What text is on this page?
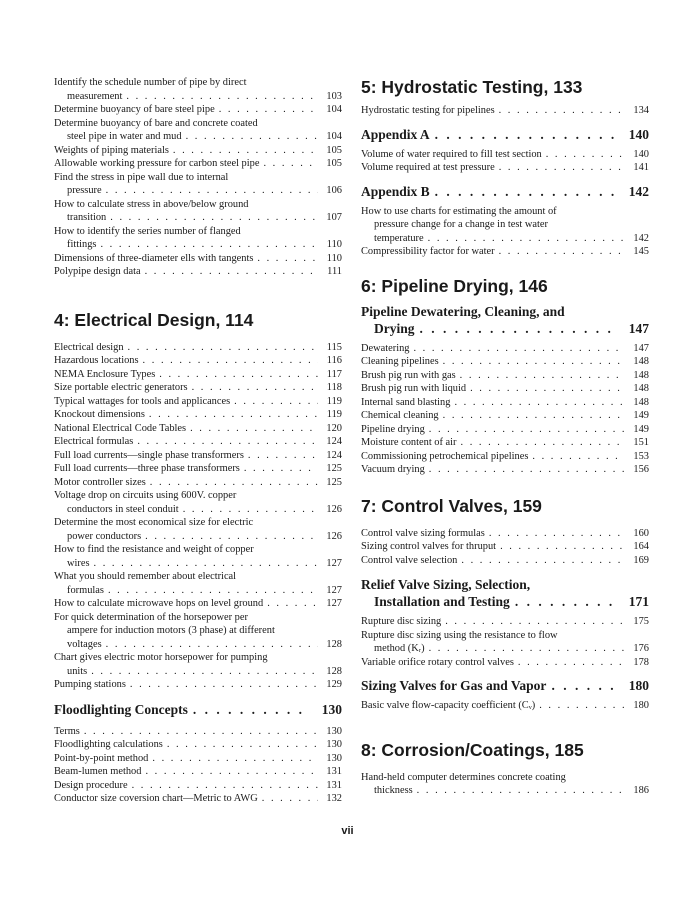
Identify the schedule number of pipe by direct
measurement . . .	103
Determine buoyancy of bare steel pipe . . .	104
Determine buoyancy of bare and concrete coated
steel pipe in water and mud . . .	104
Weights of piping materials . . .	105
Allowable working pressure for carbon steel pipe . . .	105
Find the stress in pipe wall due to internal
pressure . . .	106
How to calculate stress in above/below ground
transition . . .	107
How to identify the series number of flanged
fittings . . .	110
Dimensions of three-diameter ells with tangents . . .	110
Polypipe design data . . .	111
4: Electrical Design, 114
Electrical design . . .	115
Hazardous locations . . .	116
NEMA Enclosure Types . . .	117
Size portable electric generators . . .	118
Typical wattages for tools and applicances . . .	119
Knockout dimensions . . .	119
National Electrical Code Tables . . .	120
Electrical formulas . . .	124
Full load currents—single phase transformers . . .	124
Full load currents—three phase transformers . . .	125
Motor controller sizes . . .	125
Voltage drop on circuits using 600V. copper
conductors in steel conduit . . .	126
Determine the most economical size for electric
power conductors . . .	126
How to find the resistance and weight of copper
wires . . .	127
What you should remember about electrical
formulas . . .	127
How to calculate microwave hops on level ground . . .	127
For quick determination of the horsepower per
ampere for induction motors (3 phase) at different
voltages . . .	128
Chart gives electric motor horsepower for pumping
units . . .	128
Pumping stations . . .	129
Floodlighting Concepts . . .	130
Terms . . .	130
Floodlighting calculations . . .	130
Point-by-point method . . .	130
Beam-lumen method . . .	131
Design procedure . . .	131
Conductor size coversion chart—Metric to AWG . . .	132
5: Hydrostatic Testing, 133
Hydrostatic testing for pipelines . . .	134
Appendix A . . .	140
Volume of water required to fill test section . . .	140
Volume required at test pressure . . .	141
Appendix B . . .	142
How to use charts for estimating the amount of
pressure change for a change in test water
temperature . . .	142
Compressibility factor for water . . .	145
6: Pipeline Drying, 146
Pipeline Dewatering, Cleaning, and
Drying . . .	147
Dewatering . . .	147
Cleaning pipelines . . .	148
Brush pig run with gas . . .	148
Brush pig run with liquid . . .	148
Internal sand blasting . . .	148
Chemical cleaning . . .	149
Pipeline drying . . .	149
Moisture content of air . . .	151
Commissioning petrochemical pipelines . . .	153
Vacuum drying . . .	156
7: Control Valves, 159
Control valve sizing formulas . . .	160
Sizing control valves for thruput . . .	164
Control valve selection . . .	169
Relief Valve Sizing, Selection,
Installation and Testing . . .	171
Rupture disc sizing . . .	175
Rupture disc sizing using the resistance to flow
method (Kᵣ) . . .	176
Variable orifice rotary control valves . . .	178
Sizing Valves for Gas and Vapor . . .	180
Basic valve flow-capacity coefficient (Cᵥ) . . .	180
8: Corrosion/Coatings, 185
Hand-held computer determines concrete coating
thickness . . .	186
vii
